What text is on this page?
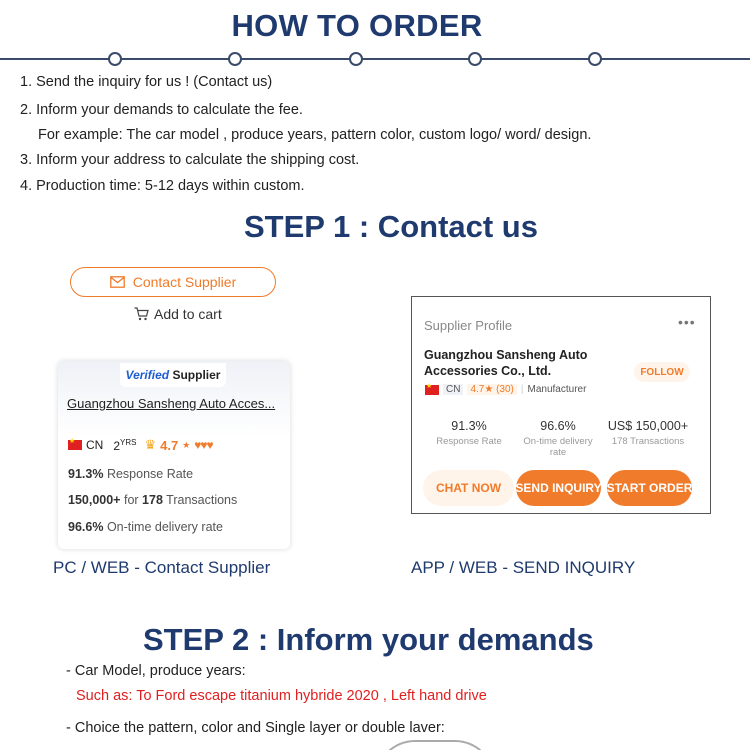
HOW TO ORDER
1. Send the inquiry for us ! (Contact us)
2. Inform your demands to calculate the fee.
For example: The car model , produce years, pattern color, custom logo/ word/ design.
3. Inform your address to calculate the shipping cost.
4. Production time: 5-12 days within custom.
STEP 1 : Contact us
Contact Supplier
Add to cart
Verified
Supplier
Guangzhou Sansheng Auto Acces...
★
CN $2^{YRS}$ ♛ 4.7 ★ ♥♥♥
91.3% Response Rate
150,000+ for 178 Transactions
96.6% On-time delivery rate
PC / WEB - Contact Supplier
Supplier Profile	•••
Guangzhou Sansheng Auto Accessories Co., Ltd.	FOLLOW
★
CN	4.7★ (30) | Manufacturer
91.3%
Response Rate
96.6%
On-time delivery rate
US$ 150,000+
178 Transactions
CHAT NOW	SEND INQUIRY START ORDER
APP / WEB - SEND INQUIRY
STEP 2 : Inform your demands
- Car Model, produce years:
Such as: To Ford escape titanium hybride 2020 , Left hand drive
- Choice the pattern, color and Single layer or double laver:
